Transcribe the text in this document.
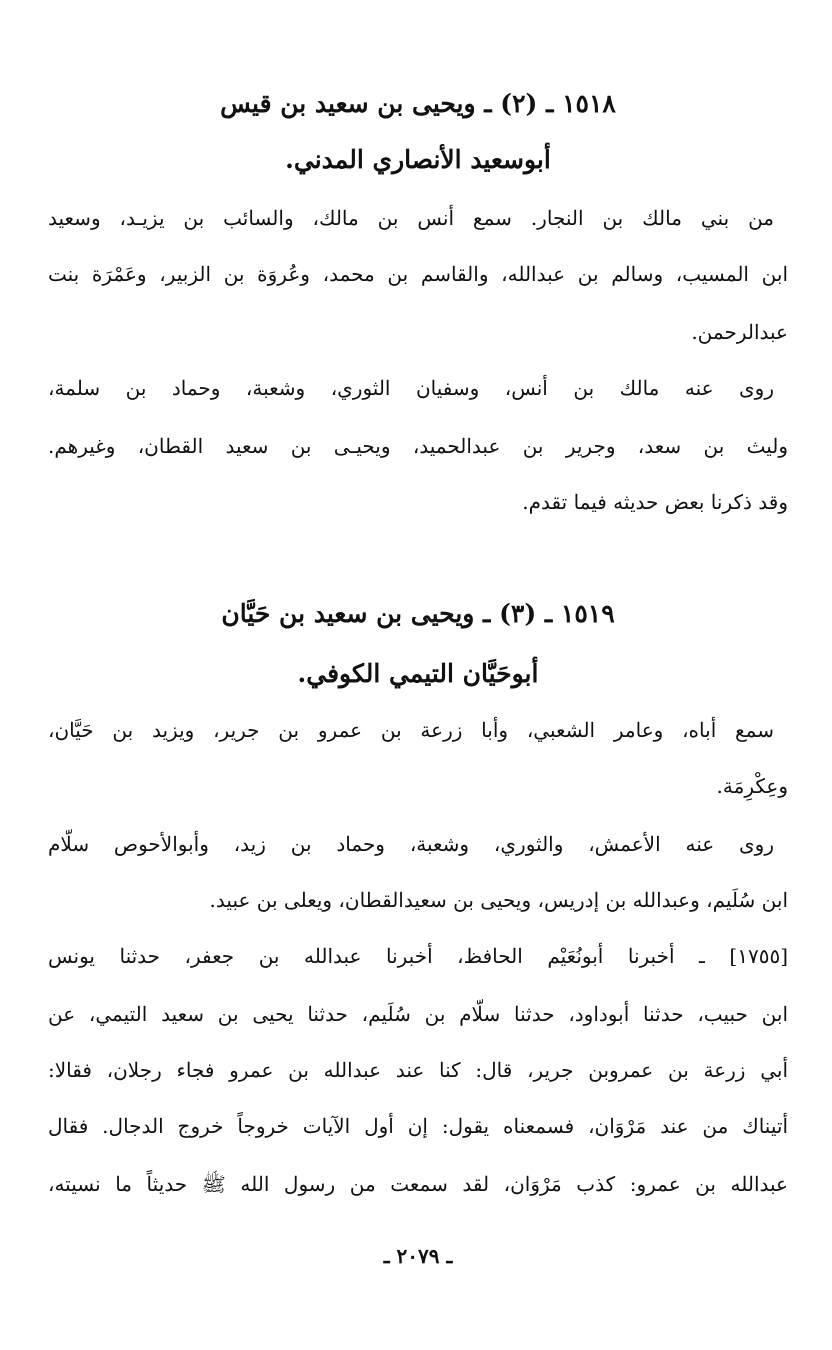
١٥١٨ ـ (٢) ـ ويحيى بن سعيد بن قيس
أبوسعيد الأنصاري المدني.
من بني مالك بن النجار. سمع أنس بن مالك، والسائب بن يزيـد، وسعيد
ابن المسيب، وسالم بن عبدالله، والقاسم بن محمد، وعُروَة بن الزبير، وعَمْرَة بنت
عبدالرحمن.
روى عنه مالك بن أنس، وسفيان الثوري، وشعبة، وحماد بن سلمة،
وليث بن سعد، وجرير بن عبدالحميد، ويحيـى بن سعيد القطان، وغيرهم.
وقد ذكرنا بعض حديثه فيما تقدم.
١٥١٩ ـ (٣) ـ ويحيى بن سعيد بن حَيَّان
أبوحَيَّان التيمي الكوفي.
سمع أباه، وعامر الشعبي، وأبا زرعة بن عمرو بن جرير، ويزيد بن حَيَّان،
وعِكْرِمَة.
روى عنه الأعمش، والثوري، وشعبة، وحماد بن زيد، وأبوالأحوص سلّام
ابن سُلَيم، وعبدالله بن إدريس، ويحيى بن سعيدالقطان، ويعلى بن عبيد.
[١٧٥٥] ـ أخبرنا أبونُعَيْم الحافظ، أخبرنا عبدالله بن جعفر، حدثنا يونس
ابن حبيب، حدثنا أبوداود، حدثنا سلّام بن سُلَيم، حدثنا يحيى بن سعيد التيمي، عن
أبي زرعة بن عمروبن جرير، قال: كنا عند عبدالله بن عمرو فجاء رجلان، فقالا:
أتيناك من عند مَرْوَان، فسمعناه يقول: إن أول الآيات خروجاً خروج الدجال. فقال
عبدالله بن عمرو: كذب مَرْوَان، لقد سمعت من رسول الله ﷺ حديثاً ما نسيته،
ـ ٢٠٧٩ ـ
